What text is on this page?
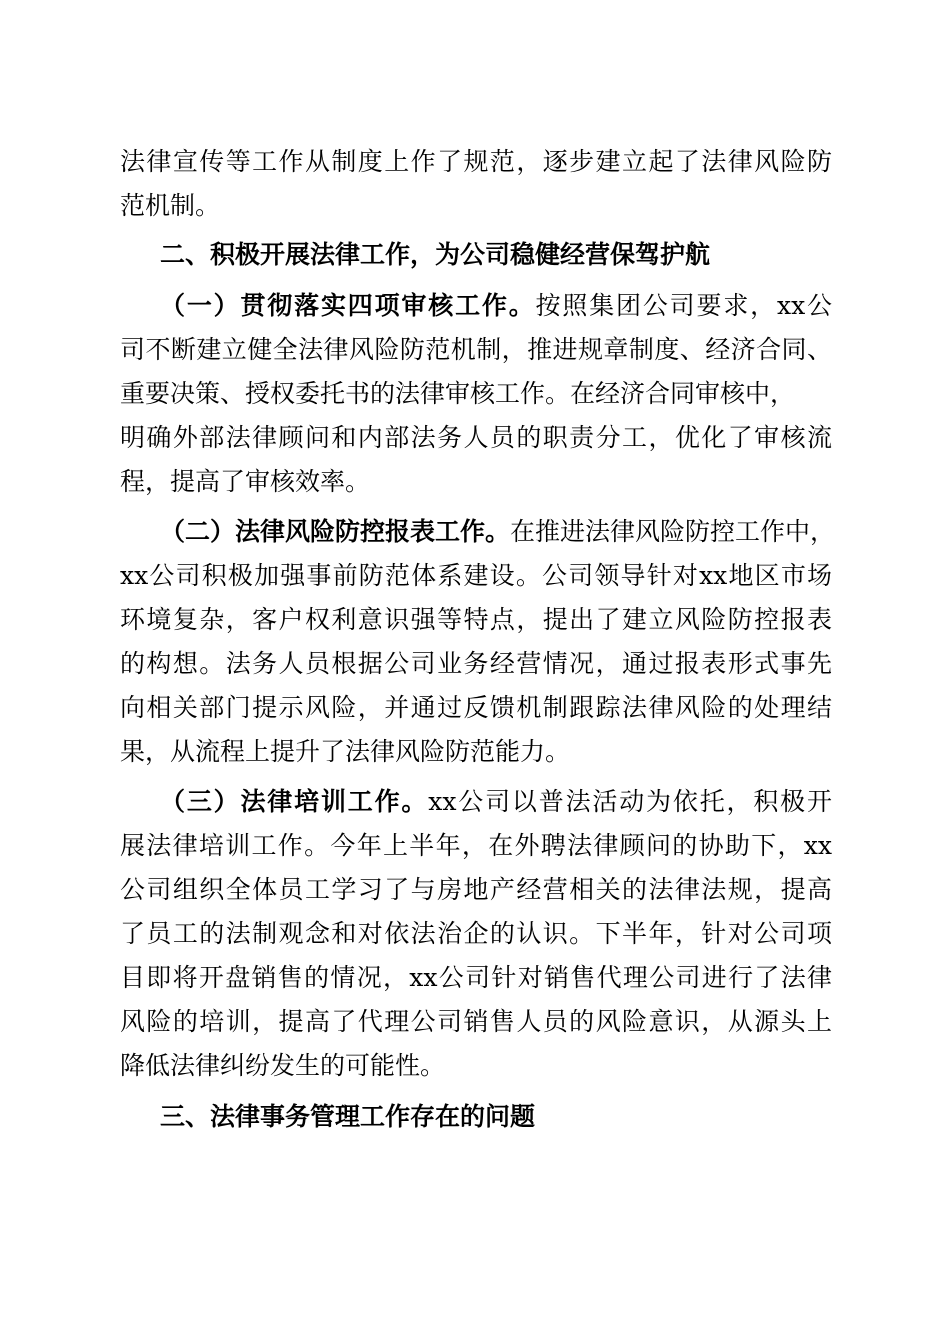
法律宣传等工作从制度上作了规范，逐步建立起了法律风险防
范机制。
二、积极开展法律工作，为公司稳健经营保驾护航
（一）贯彻落实四项审核工作。按照集团公司要求，xx公
司不断建立健全法律风险防范机制，推进规章制度、经济合同、
重要决策、授权委托书的法律审核工作。在经济合同审核中，
明确外部法律顾问和内部法务人员的职责分工，优化了审核流
程，提高了审核效率。
（二）法律风险防控报表工作。在推进法律风险防控工作中，
xx公司积极加强事前防范体系建设。公司领导针对xx地区市场
环境复杂，客户权利意识强等特点，提出了建立风险防控报表
的构想。法务人员根据公司业务经营情况，通过报表形式事先
向相关部门提示风险，并通过反馈机制跟踪法律风险的处理结
果，从流程上提升了法律风险防范能力。
（三）法律培训工作。xx公司以普法活动为依托，积极开
展法律培训工作。今年上半年，在外聘法律顾问的协助下，xx
公司组织全体员工学习了与房地产经营相关的法律法规，提高
了员工的法制观念和对依法治企的认识。下半年，针对公司项
目即将开盘销售的情况，xx公司针对销售代理公司进行了法律
风险的培训，提高了代理公司销售人员的风险意识，从源头上
降低法律纠纷发生的可能性。
三、法律事务管理工作存在的问题
